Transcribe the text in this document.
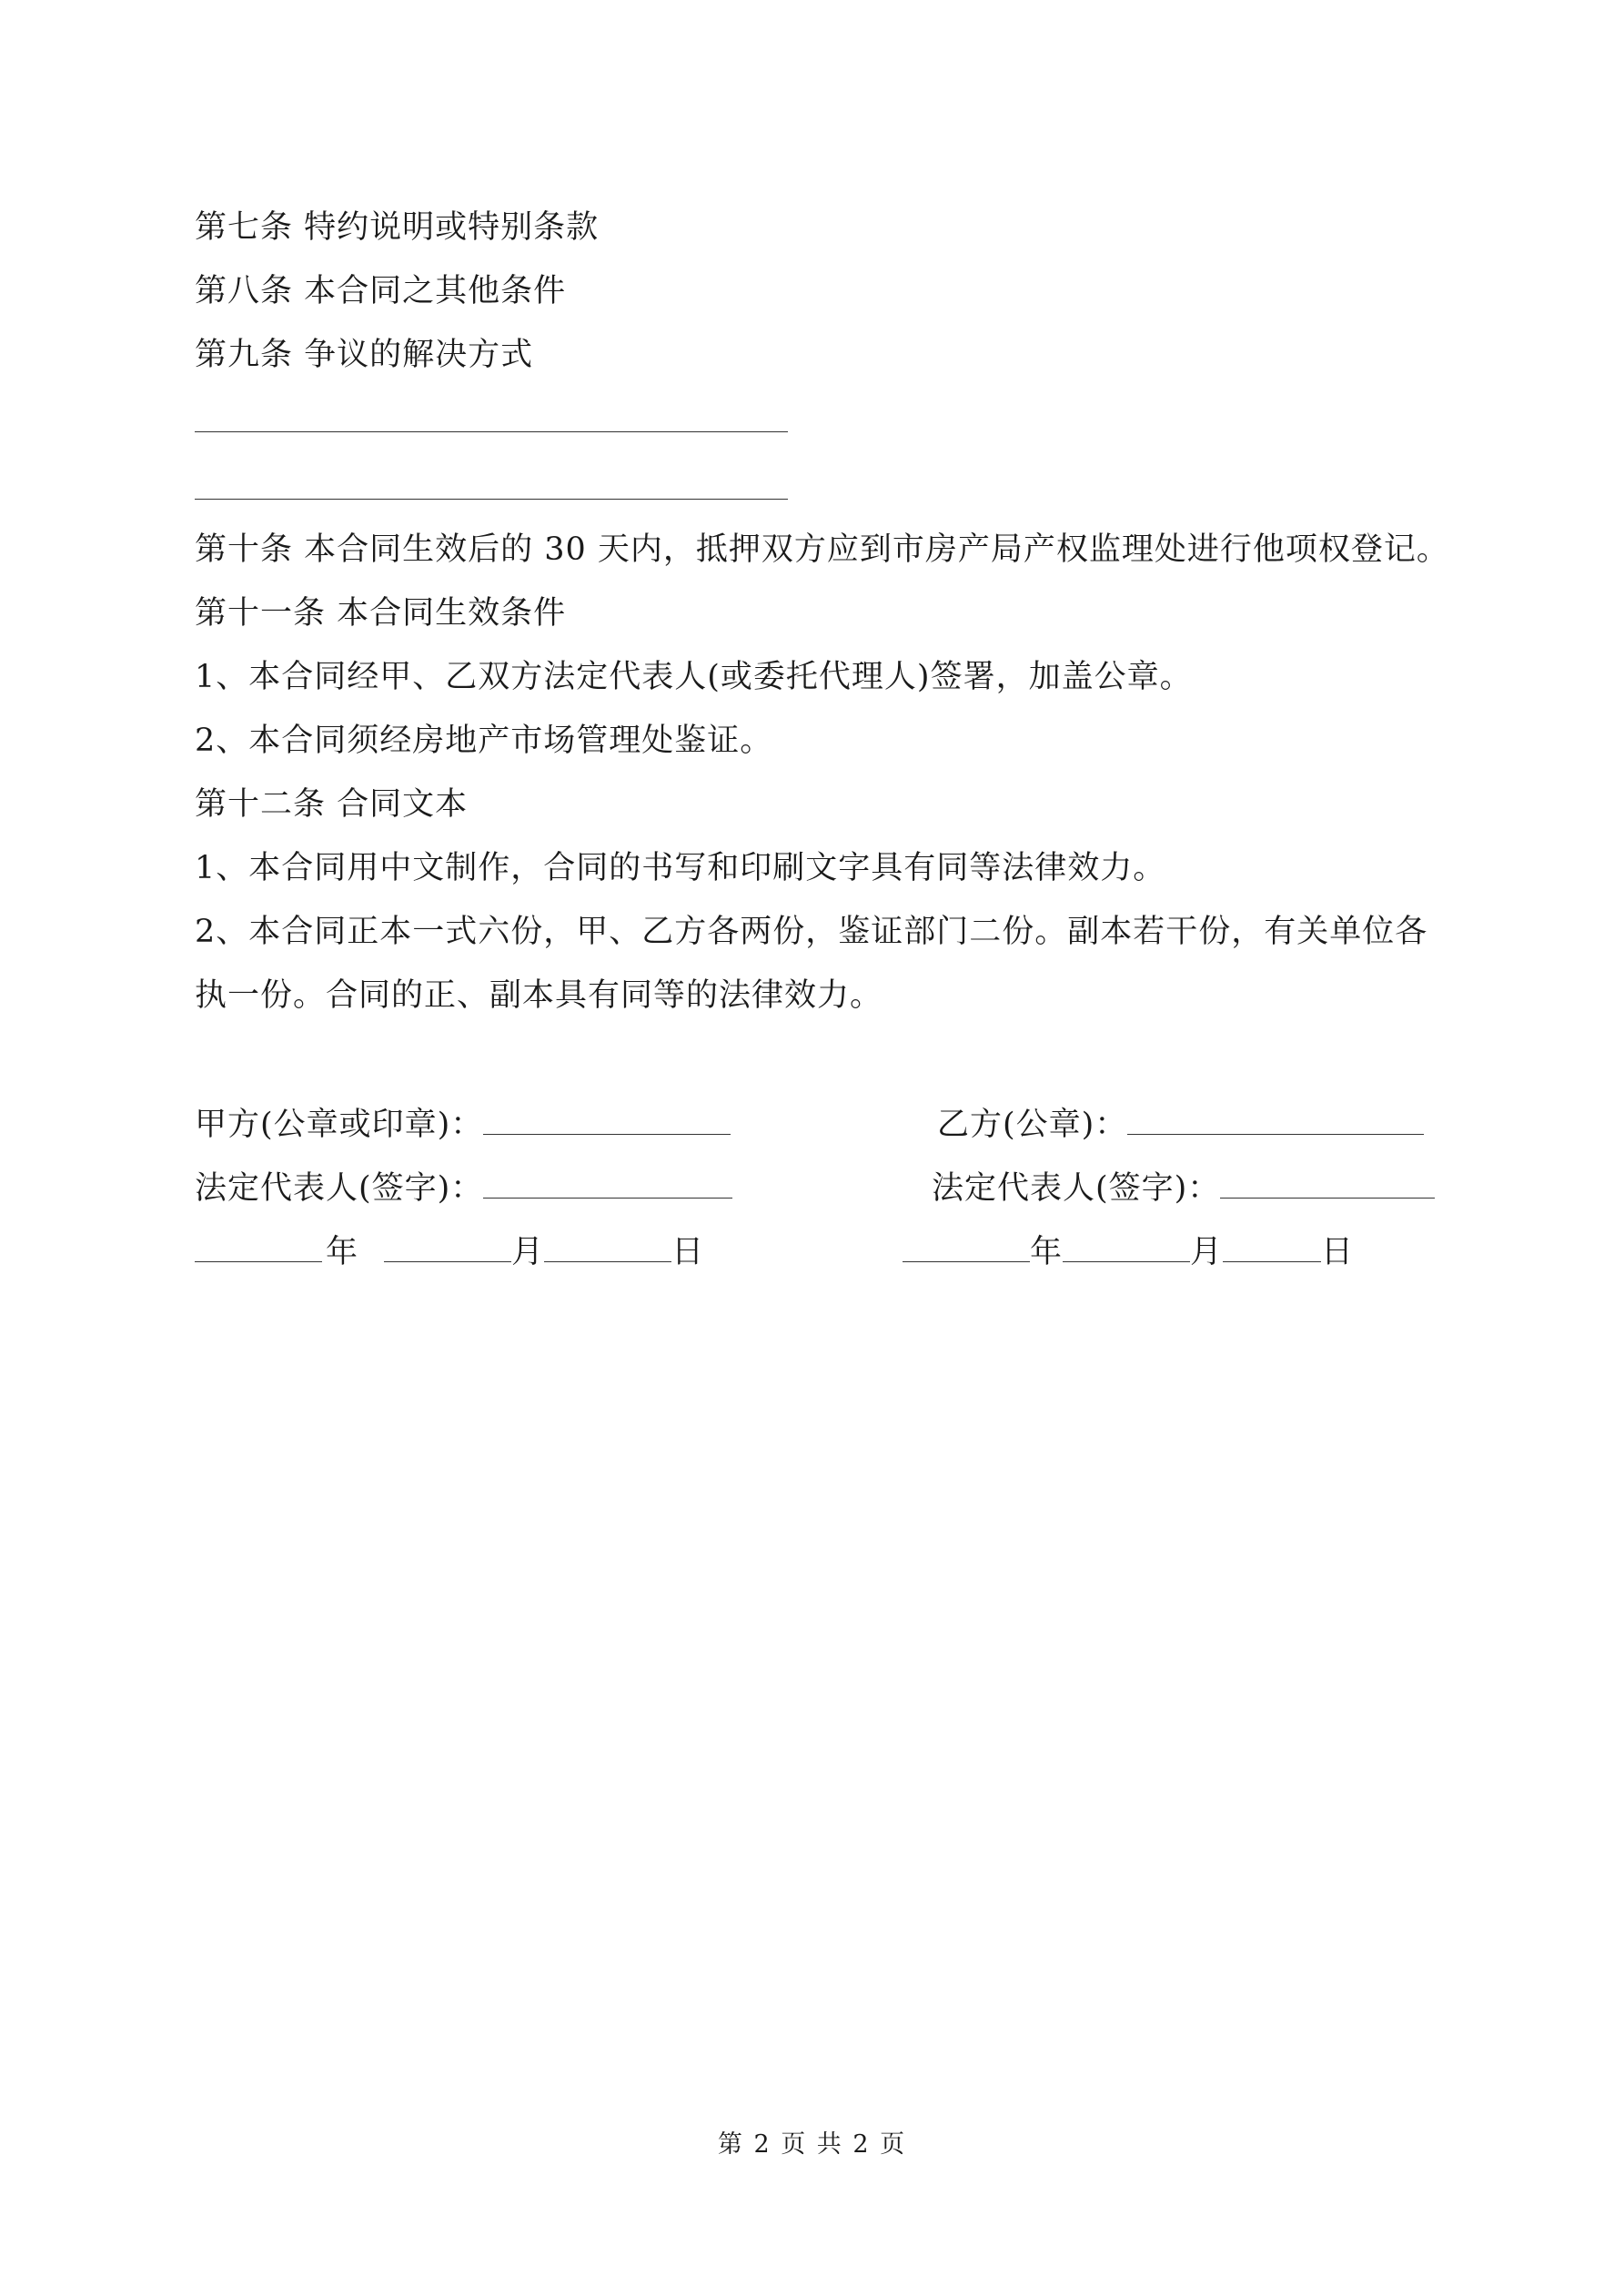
第七条 特约说明或特别条款
第八条 本合同之其他条件
第九条 争议的解决方式
第十条 本合同生效后的 30 天内，抵押双方应到市房产局产权监理处进行他项权登记。
第十一条 本合同生效条件
1、本合同经甲、乙双方法定代表人(或委托代理人)签署，加盖公章。
2、本合同须经房地产市场管理处鉴证。
第十二条 合同文本
1、本合同用中文制作，合同的书写和印刷文字具有同等法律效力。
2、本合同正本一式六份，甲、乙方各两份，鉴证部门二份。副本若干份，有关单位各
执一份。合同的正、副本具有同等的法律效力。
甲方(公章或印章)：
法定代表人(签字)：
年	月	日
乙方(公章)：
法定代表人(签字)：
年	月	日
第 2 页 共 2 页
